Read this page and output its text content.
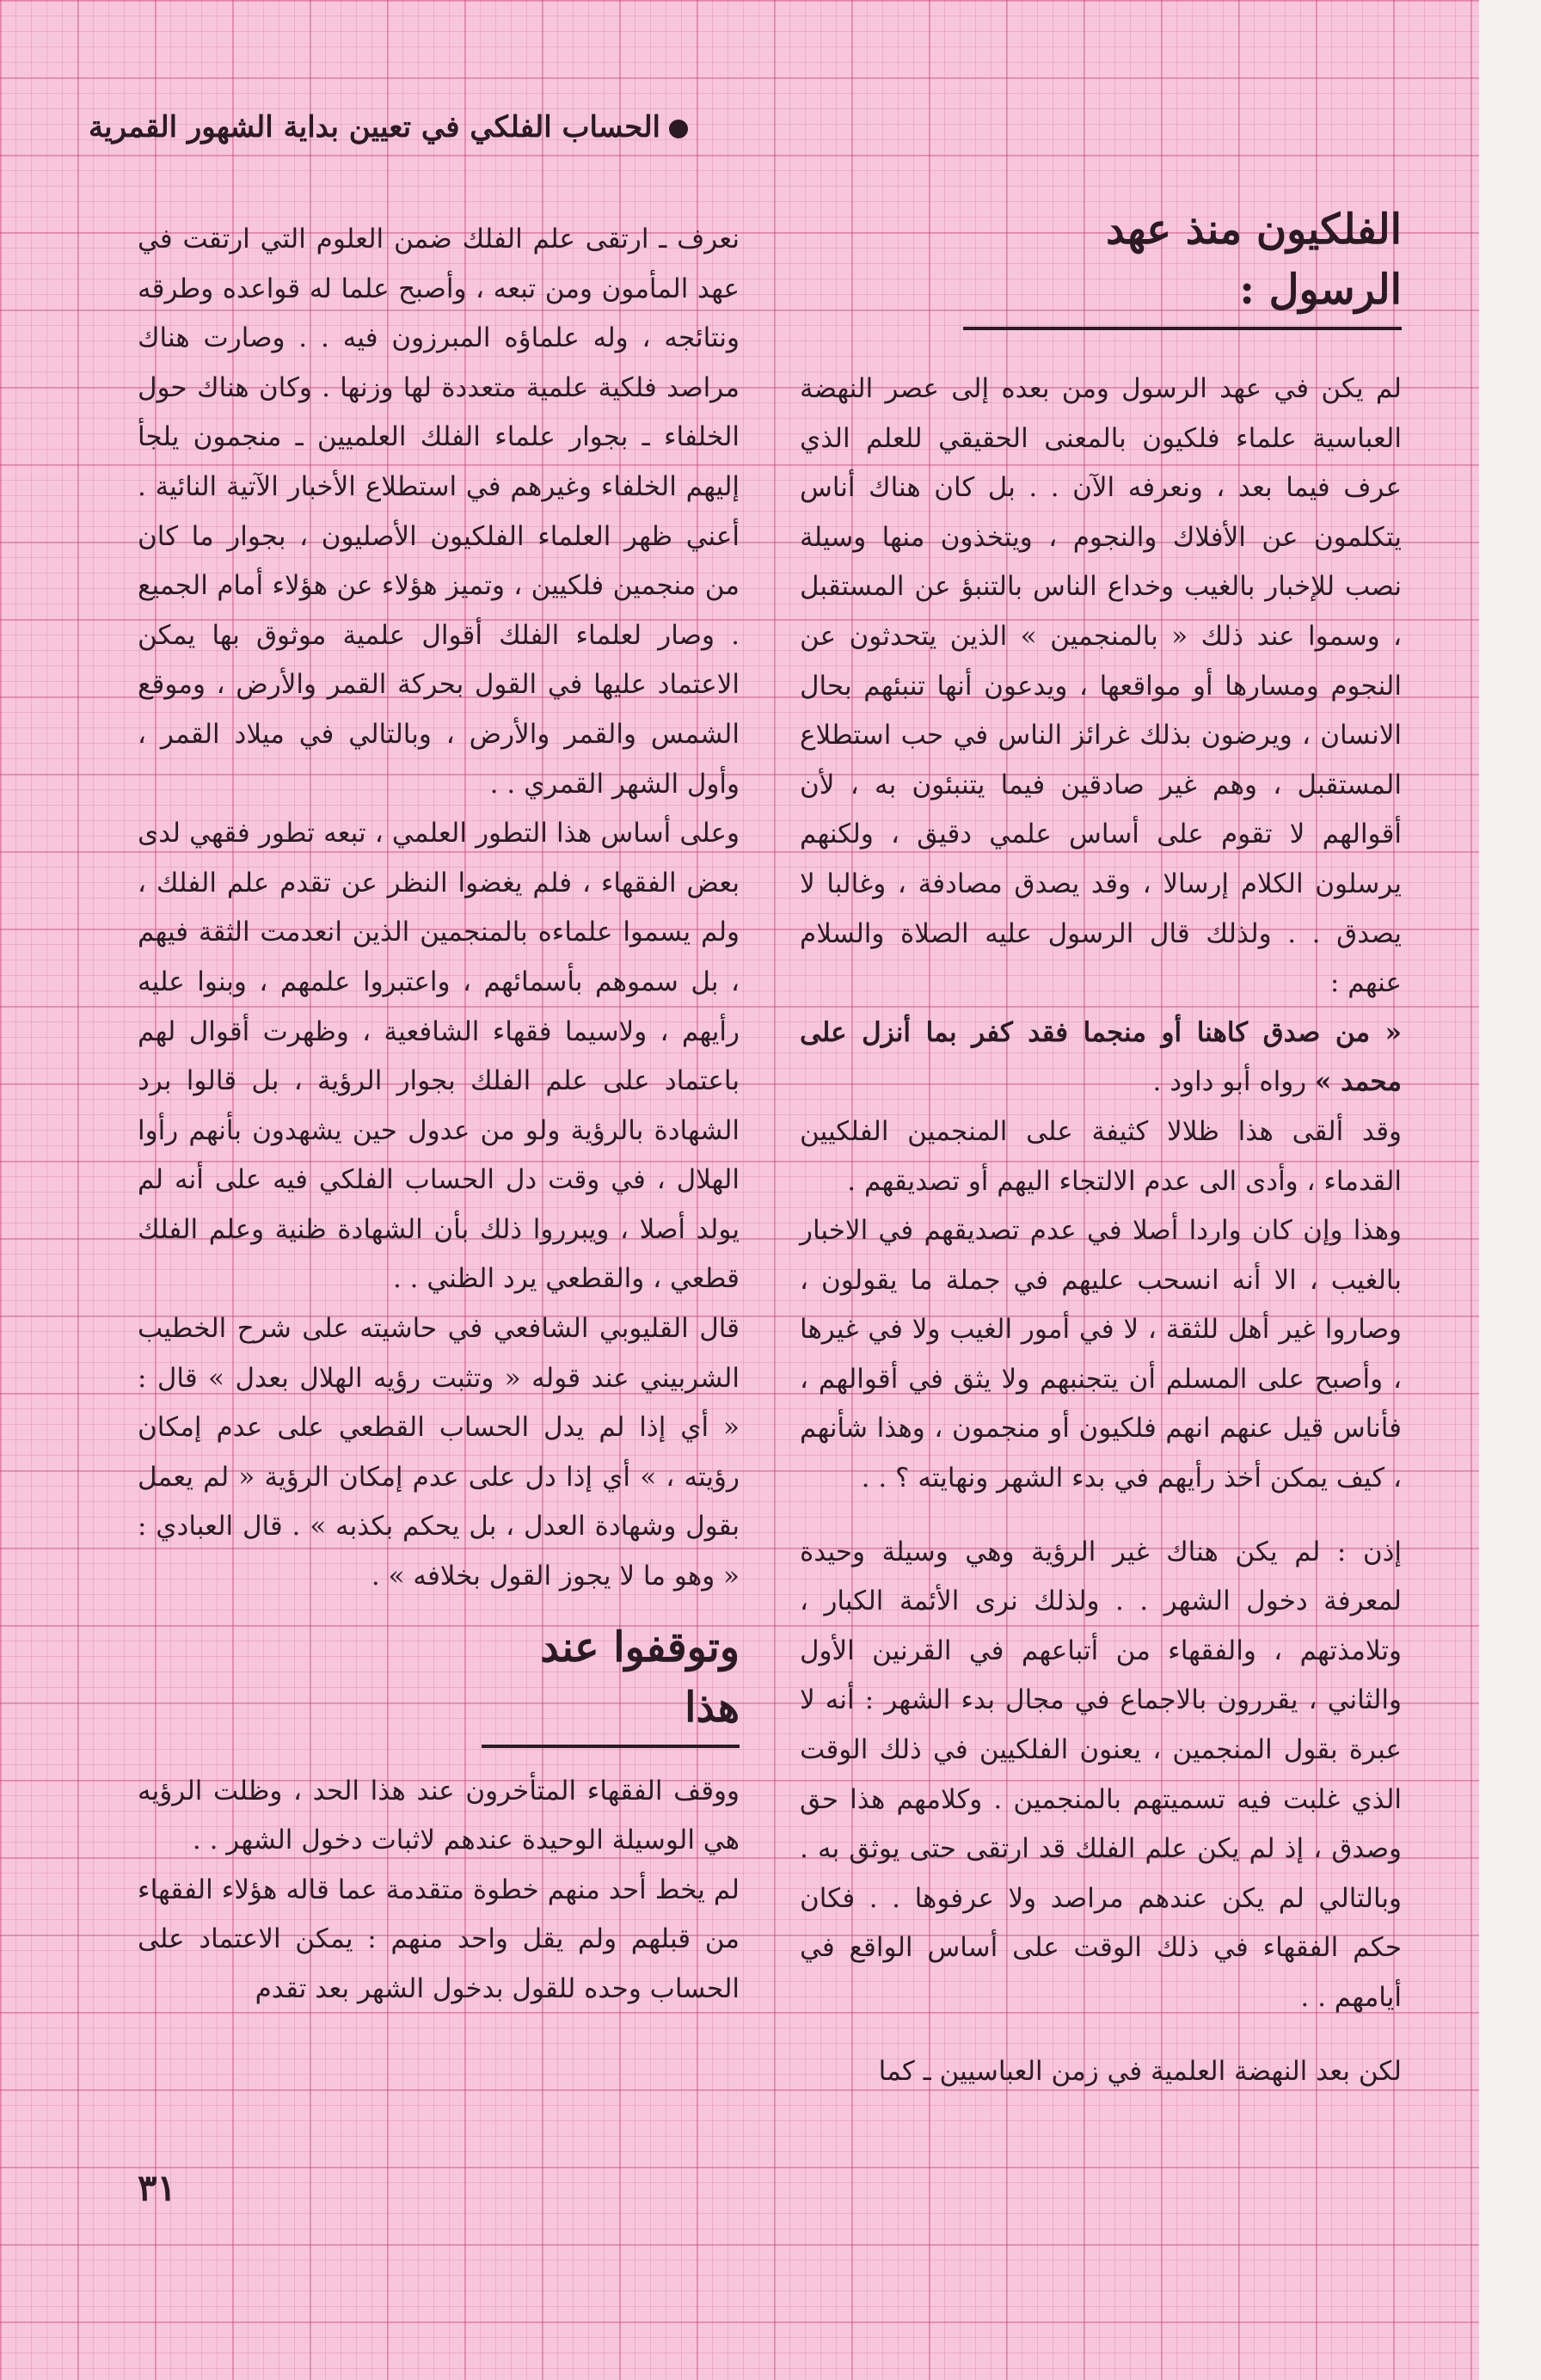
الحساب الفلكي في تعيين بداية الشهور القمرية
الفلكيون منذ عهد الرسول :

لم يكن في عهد الرسول ومن بعده إلى عصر النهضة العباسية علماء فلكيون بالمعنى الحقيقي للعلم الذي عرف فيما بعد ، ونعرفه الآن . . بل كان هناك أناس يتكلمون عن الأفلاك والنجوم ، ويتخذون منها وسيلة نصب للإخبار بالغيب وخداع الناس بالتنبؤ عن المستقبل ، وسموا عند ذلك « بالمنجمين » الذين يتحدثون عن النجوم ومسارها أو مواقعها ، ويدعون أنها تنبئهم بحال الانسان ، ويرضون بذلك غرائز الناس في حب استطلاع المستقبل ، وهم غير صادقين فيما يتنبئون به ، لأن أقوالهم لا تقوم على أساس علمي دقيق ، ولكنهم يرسلون الكلام إرسالا ، وقد يصدق مصادفة ، وغالبا لا يصدق . . ولذلك قال الرسول عليه الصلاة والسلام عنهم :

« من صدق كاهنا أو منجما فقد كفر بما أنزل على محمد » رواه أبو داود .

وقد ألقى هذا ظلالا كثيفة على المنجمين الفلكيين القدماء ، وأدى الى عدم الالتجاء اليهم أو تصديقهم .

وهذا وإن كان واردا أصلا في عدم تصديقهم في الاخبار بالغيب ، الا أنه انسحب عليهم في جملة ما يقولون ، وصاروا غير أهل للثقة ، لا في أمور الغيب ولا في غيرها ، وأصبح على المسلم أن يتجنبهم ولا يثق في أقوالهم ، فأناس قيل عنهم انهم فلكيون أو منجمون ، وهذا شأنهم ، كيف يمكن أخذ رأيهم في بدء الشهر ونهايته ؟ . .

إذن : لم يكن هناك غير الرؤية وهي وسيلة وحيدة لمعرفة دخول الشهر . . ولذلك نرى الأئمة الكبار ، وتلامذتهم ، والفقهاء من أتباعهم في القرنين الأول والثاني ، يقررون بالاجماع في مجال بدء الشهر : أنه لا عبرة بقول المنجمين ، يعنون الفلكيين في ذلك الوقت الذي غلبت فيه تسميتهم بالمنجمين . وكلامهم هذا حق وصدق ، إذ لم يكن علم الفلك قد ارتقى حتى يوثق به . وبالتالي لم يكن عندهم مراصد ولا عرفوها . . فكان حكم الفقهاء في ذلك الوقت على أساس الواقع في أيامهم . .

لكن بعد النهضة العلمية في زمن العباسيين ـ كما

نعرف ـ ارتقى علم الفلك ضمن العلوم التي ارتقت في عهد المأمون ومن تبعه ، وأصبح علما له قواعده وطرقه ونتائجه ، وله علماؤه المبرزون فيه . . وصارت هناك مراصد فلكية علمية متعددة لها وزنها . وكان هناك حول الخلفاء ـ بجوار علماء الفلك العلميين ـ منجمون يلجأ إليهم الخلفاء وغيرهم في استطلاع الأخبار الآتية النائية . أعني ظهر العلماء الفلكيون الأصليون ، بجوار ما كان من منجمين فلكيين ، وتميز هؤلاء عن هؤلاء أمام الجميع . وصار لعلماء الفلك أقوال علمية موثوق بها يمكن الاعتماد عليها في القول بحركة القمر والأرض ، وموقع الشمس والقمر والأرض ، وبالتالي في ميلاد القمر ، وأول الشهر القمري . .

وعلى أساس هذا التطور العلمي ، تبعه تطور فقهي لدى بعض الفقهاء ، فلم يغضوا النظر عن تقدم علم الفلك ، ولم يسموا علماءه بالمنجمين الذين انعدمت الثقة فيهم ، بل سموهم بأسمائهم ، واعتبروا علمهم ، وبنوا عليه رأيهم ، ولاسيما فقهاء الشافعية ، وظهرت أقوال لهم باعتماد على علم الفلك بجوار الرؤية ، بل قالوا برد الشهادة بالرؤية ولو من عدول حين يشهدون بأنهم رأوا الهلال ، في وقت دل الحساب الفلكي فيه على أنه لم يولد أصلا ، ويبرروا ذلك بأن الشهادة ظنية وعلم الفلك قطعي ، والقطعي يرد الظني . .

قال القليوبي الشافعي في حاشيته على شرح الخطيب الشربيني عند قوله « وتثبت رؤيه الهلال بعدل » قال : « أي إذا لم يدل الحساب القطعي على عدم إمكان رؤيته ، » أي إذا دل على عدم إمكان الرؤية « لم يعمل بقول وشهادة العدل ، بل يحكم بكذبه » . قال العبادي : « وهو ما لا يجوز القول بخلافه » .

وتوقفوا عند هذا

ووقف الفقهاء المتأخرون عند هذا الحد ، وظلت الرؤيه هي الوسيلة الوحيدة عندهم لاثبات دخول الشهر . .

لم يخط أحد منهم خطوة متقدمة عما قاله هؤلاء الفقهاء من قبلهم ولم يقل واحد منهم : يمكن الاعتماد على الحساب وحده للقول بدخول الشهر بعد تقدم

٣١
